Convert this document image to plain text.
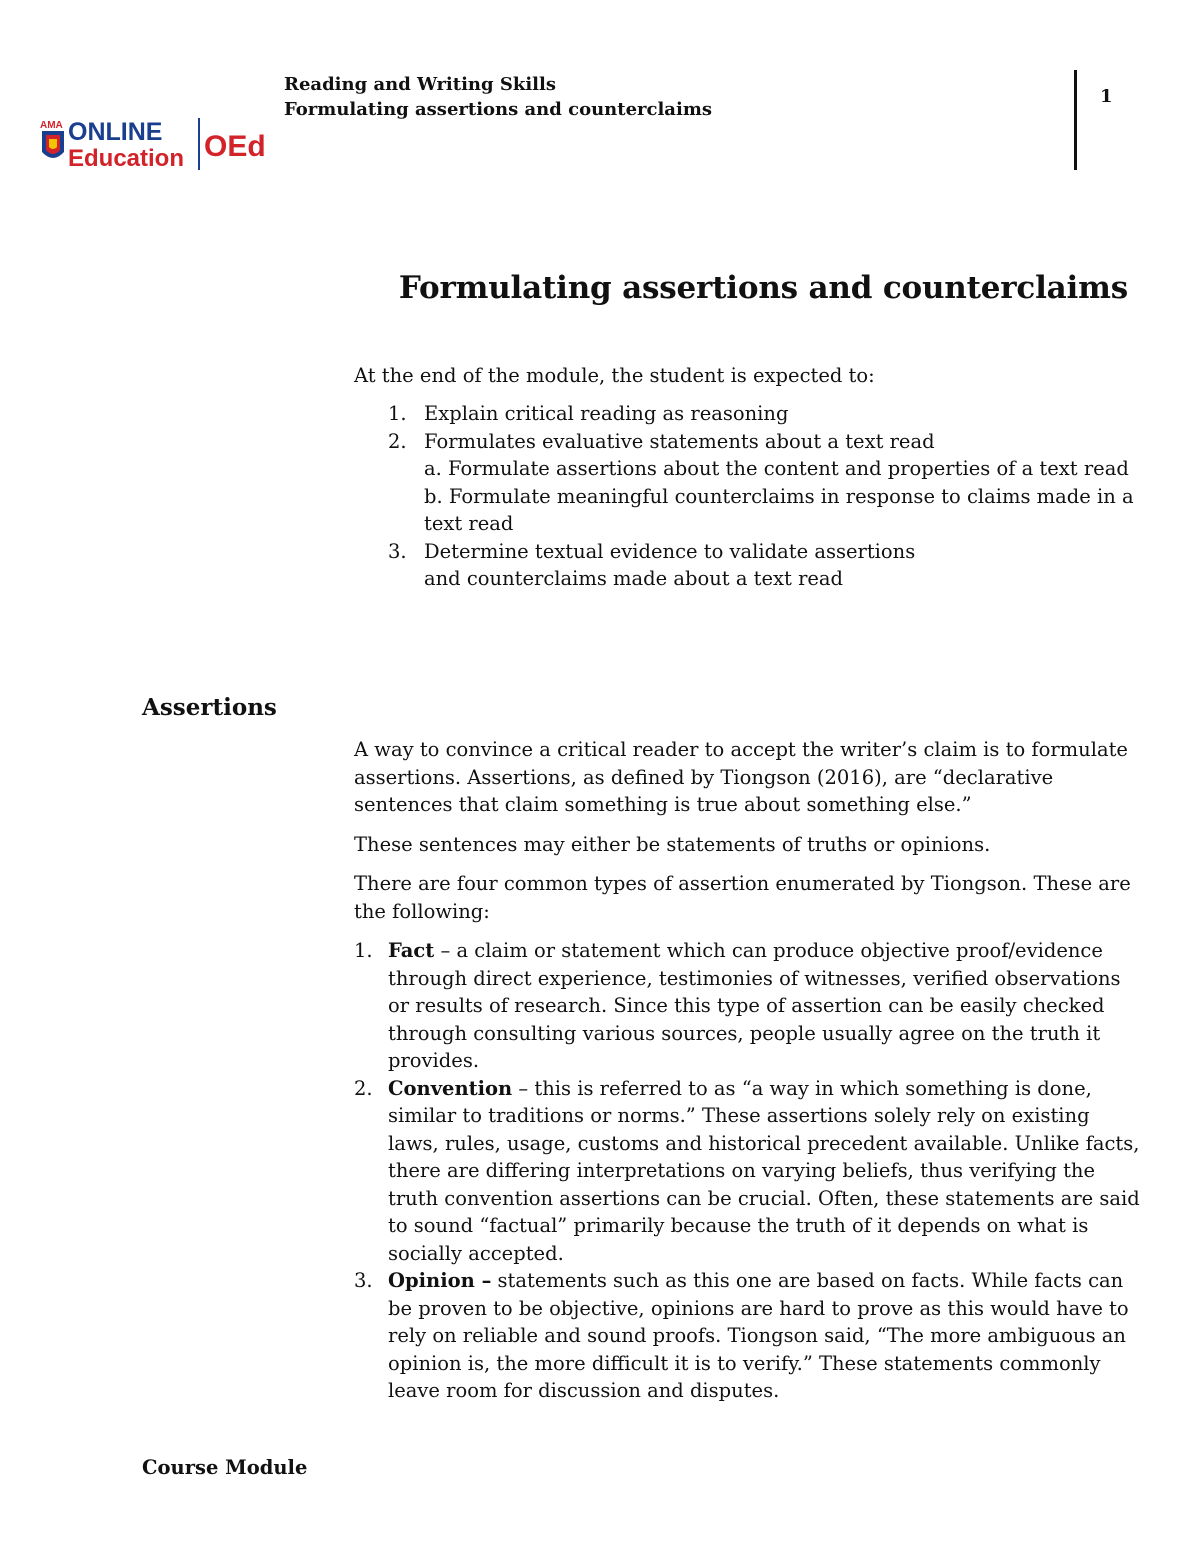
AMA ONLINE
Education OEd
Reading and Writing Skills
Formulating assertions and counterclaims
1
Formulating assertions and counterclaims
At the end of the module, the student is expected to:
1. Explain critical reading as reasoning
2. Formulates evaluative statements about a text read
a. Formulate assertions about the content and properties of a text read
b. Formulate meaningful counterclaims in response to claims made in a text read
3. Determine textual evidence to validate assertions
and counterclaims made about a text read
Assertions

A way to convince a critical reader to accept the writer’s claim is to formulate assertions. Assertions, as defined by Tiongson (2016), are “declarative sentences that claim something is true about something else.”

These sentences may either be statements of truths or opinions.

There are four common types of assertion enumerated by Tiongson. These are the following:

1. Fact – a claim or statement which can produce objective proof/evidence through direct experience, testimonies of witnesses, verified observations or results of research. Since this type of assertion can be easily checked through consulting various sources, people usually agree on the truth it provides.
2. Convention – this is referred to as “a way in which something is done, similar to traditions or norms.” These assertions solely rely on existing laws, rules, usage, customs and historical precedent available. Unlike facts, there are differing interpretations on varying beliefs, thus verifying the truth convention assertions can be crucial. Often, these statements are said to sound “factual” primarily because the truth of it depends on what is socially accepted.
3. Opinion – statements such as this one are based on facts. While facts can be proven to be objective, opinions are hard to prove as this would have to rely on reliable and sound proofs. Tiongson said, “The more ambiguous an opinion is, the more difficult it is to verify.” These statements commonly leave room for discussion and disputes.
Course Module
